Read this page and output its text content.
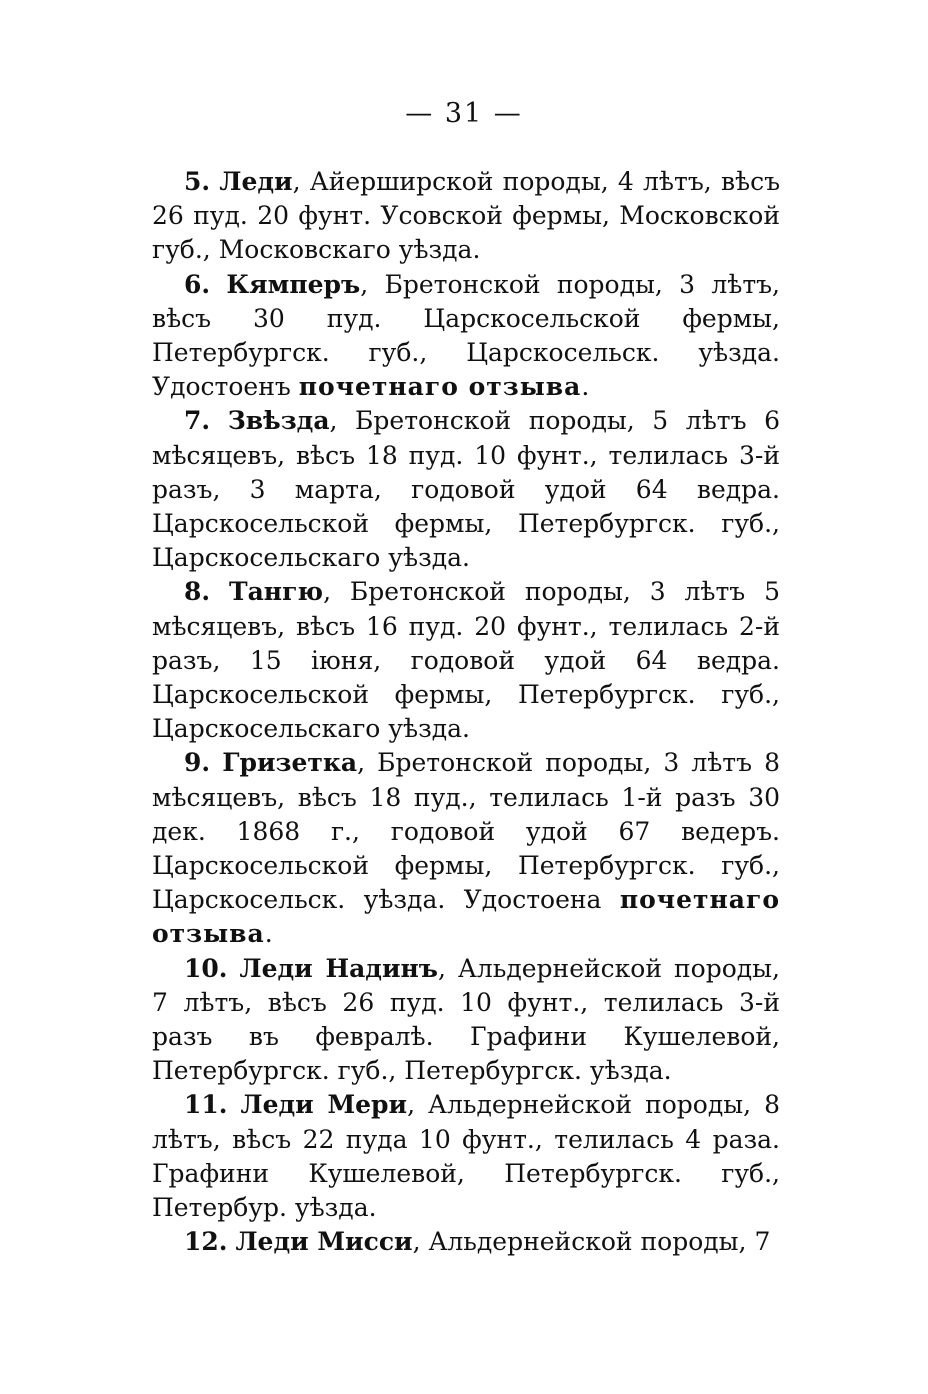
— 31 —

5. Леди, Айерширской породы, 4 лѣтъ, вѣсъ 26 пуд. 20 фунт. Усовской фермы, Московской губ., Московскаго уѣзда.

6. Кямперъ, Бретонской породы, 3 лѣтъ, вѣсъ 30 пуд. Царскосельской фермы, Петербургск. губ., Царскосельск. уѣзда. Удостоенъ почетнаго отзыва.

7. Звѣзда, Бретонской породы, 5 лѣтъ 6 мѣсяцевъ, вѣсъ 18 пуд. 10 фунт., телилась 3-й разъ, 3 марта, годовой удой 64 ведра. Царскосельской фермы, Петербургск. губ., Царскосельскаго уѣзда.

8. Тангю, Бретонской породы, 3 лѣтъ 5 мѣсяцевъ, вѣсъ 16 пуд. 20 фунт., телилась 2-й разъ, 15 іюня, годовой удой 64 ведра. Царскосельской фермы, Петербургск. губ., Царскосельскаго уѣзда.

9. Гризетка, Бретонской породы, 3 лѣтъ 8 мѣсяцевъ, вѣсъ 18 пуд., телилась 1-й разъ 30 дек. 1868 г., годовой удой 67 ведеръ. Царскосельской фермы, Петербургск. губ., Царскосельск. уѣзда. Удостоена почетнаго отзыва.

10. Леди Надинъ, Альдернейской породы, 7 лѣтъ, вѣсъ 26 пуд. 10 фунт., телилась 3-й разъ въ февралѣ. Графини Кушелевой, Петербургск. губ., Петербургск. уѣзда.

11. Леди Мери, Альдернейской породы, 8 лѣтъ, вѣсъ 22 пуда 10 фунт., телилась 4 раза. Графини Кушелевой, Петербургск. губ., Петербур. уѣзда.

12. Леди Мисси, Альдернейской породы, 7
